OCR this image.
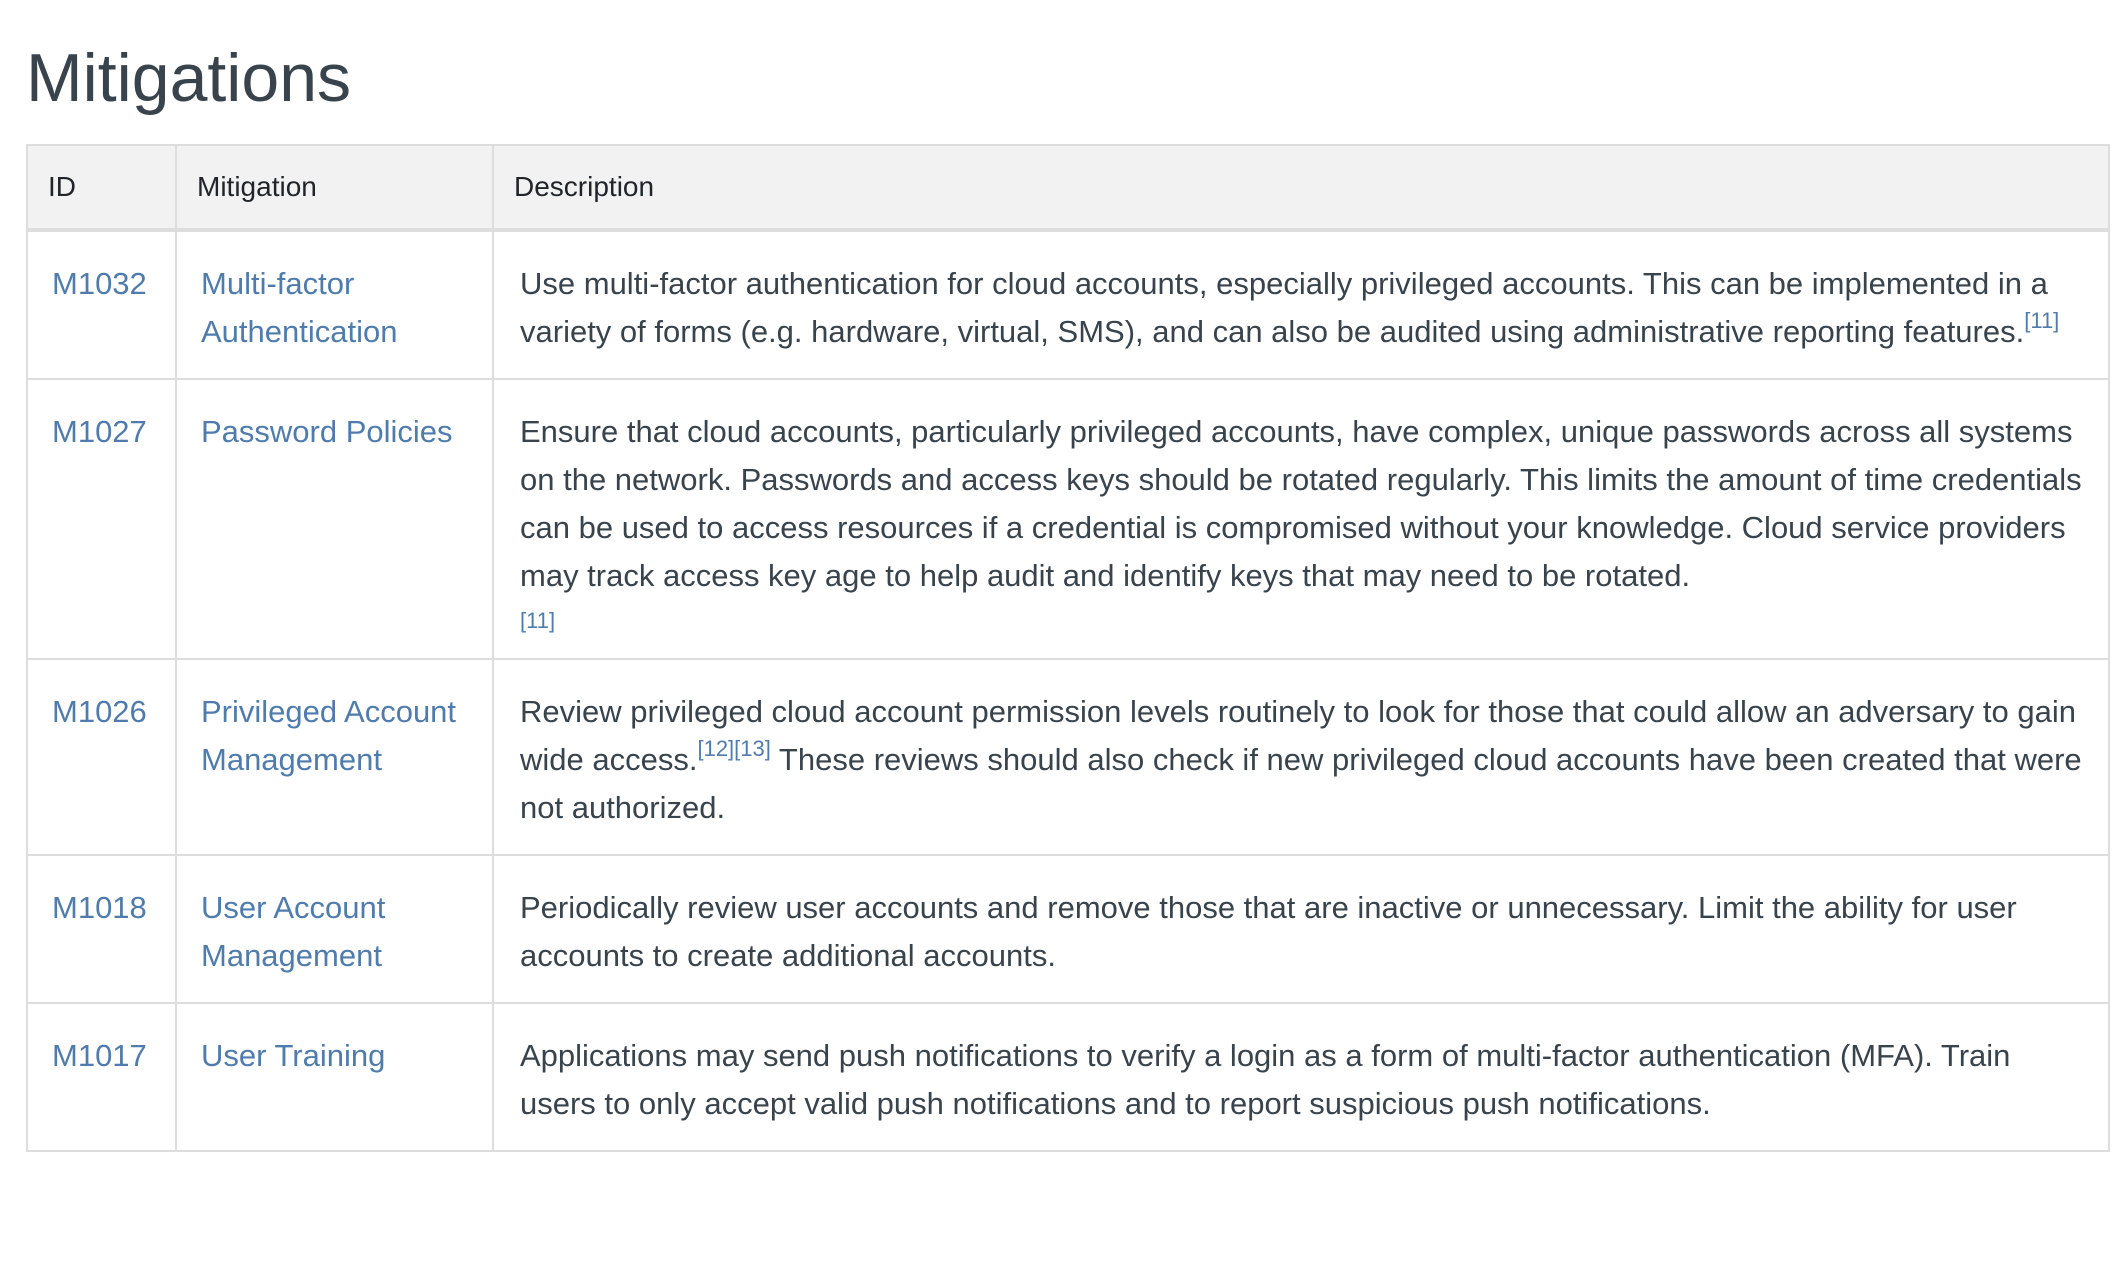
Mitigations
ID	Mitigation	Description
M1032	Multi-factor Authentication	Use multi-factor authentication for cloud accounts, especially privileged accounts. This can be implemented in a variety of forms (e.g. hardware, virtual, SMS), and can also be audited using administrative reporting features.[11]
M1027	Password Policies	Ensure that cloud accounts, particularly privileged accounts, have complex, unique passwords across all systems on the network. Passwords and access keys should be rotated regularly. This limits the amount of time credentials can be used to access resources if a credential is compromised without your knowledge. Cloud service providers may track access key age to help audit and identify keys that may need to be rotated.
[11]

M1026	Privileged Account Management	Review privileged cloud account permission levels routinely to look for those that could allow an adversary to gain wide access.[12][13] These reviews should also check if new privileged cloud accounts have been created that were not authorized.
M1018	User Account Management	Periodically review user accounts and remove those that are inactive or unnecessary. Limit the ability for user accounts to create additional accounts.
M1017	User Training	Applications may send push notifications to verify a login as a form of multi-factor authentication (MFA). Train users to only accept valid push notifications and to report suspicious push notifications.
